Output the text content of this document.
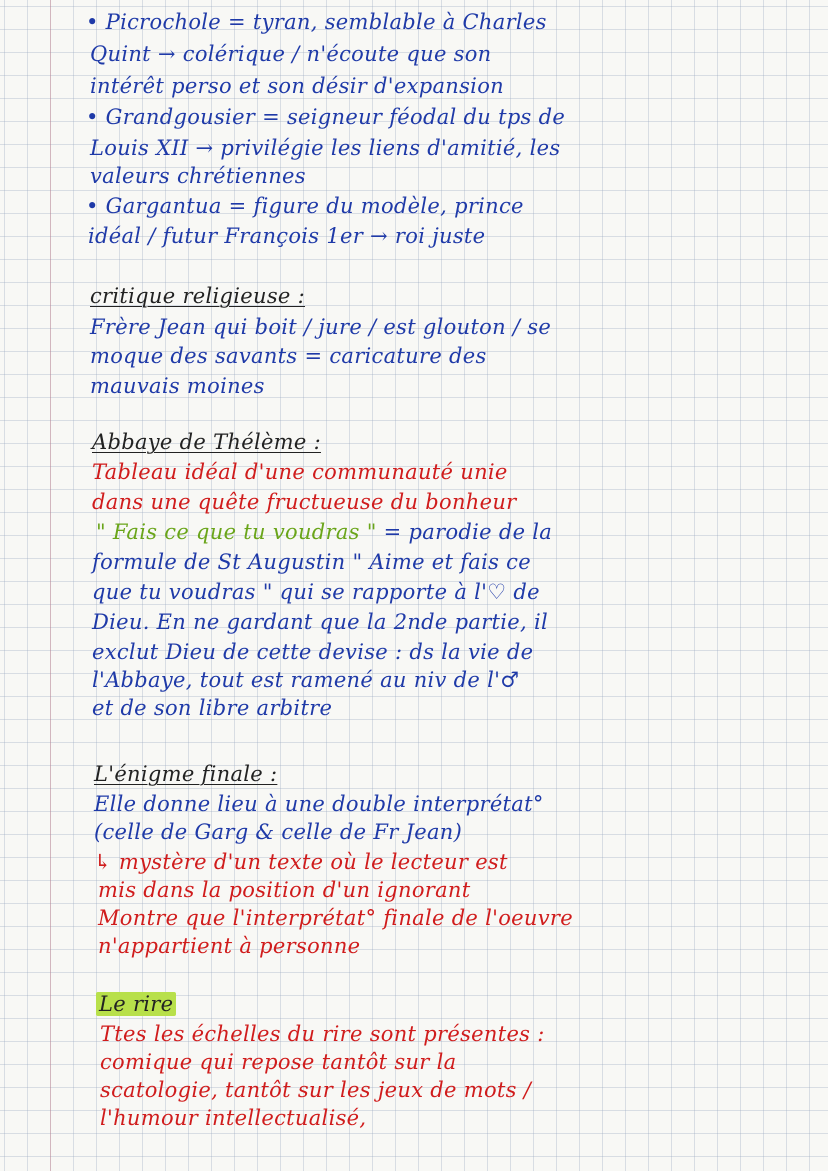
• Picrochole = tyran, semblable à Charles
Quint → colérique / n'écoute que son
intérêt perso et son désir d'expansion
• Grandgousier = seigneur féodal du tps de
Louis XII → privilégie les liens d'amitié, les
valeurs chrétiennes
• Gargantua = figure du modèle, prince
idéal / futur François 1er → roi juste
critique religieuse :
Frère Jean qui boit / jure / est glouton / se
moque des savants = caricature des
mauvais moines
Abbaye de Thélème :
Tableau idéal d'une communauté unie
dans une quête fructueuse du bonheur
" Fais ce que tu voudras " = parodie de la
formule de St Augustin " Aime et fais ce
que tu voudras " qui se rapporte à l'♡ de
Dieu. En ne gardant que la 2nde partie, il
exclut Dieu de cette devise : ds la vie de
l'Abbaye, tout est ramené au niv de l'♂
et de son libre arbitre
L'énigme finale :
Elle donne lieu à une double interprétat°
(celle de Garg & celle de Fr Jean)
↳ mystère d'un texte où le lecteur est
mis dans la position d'un ignorant
Montre que l'interprétat° finale de l'oeuvre
n'appartient à personne
Le rire
Ttes les échelles du rire sont présentes :
comique qui repose tantôt sur la
scatologie, tantôt sur les jeux de mots /
l'humour intellectualisé,
